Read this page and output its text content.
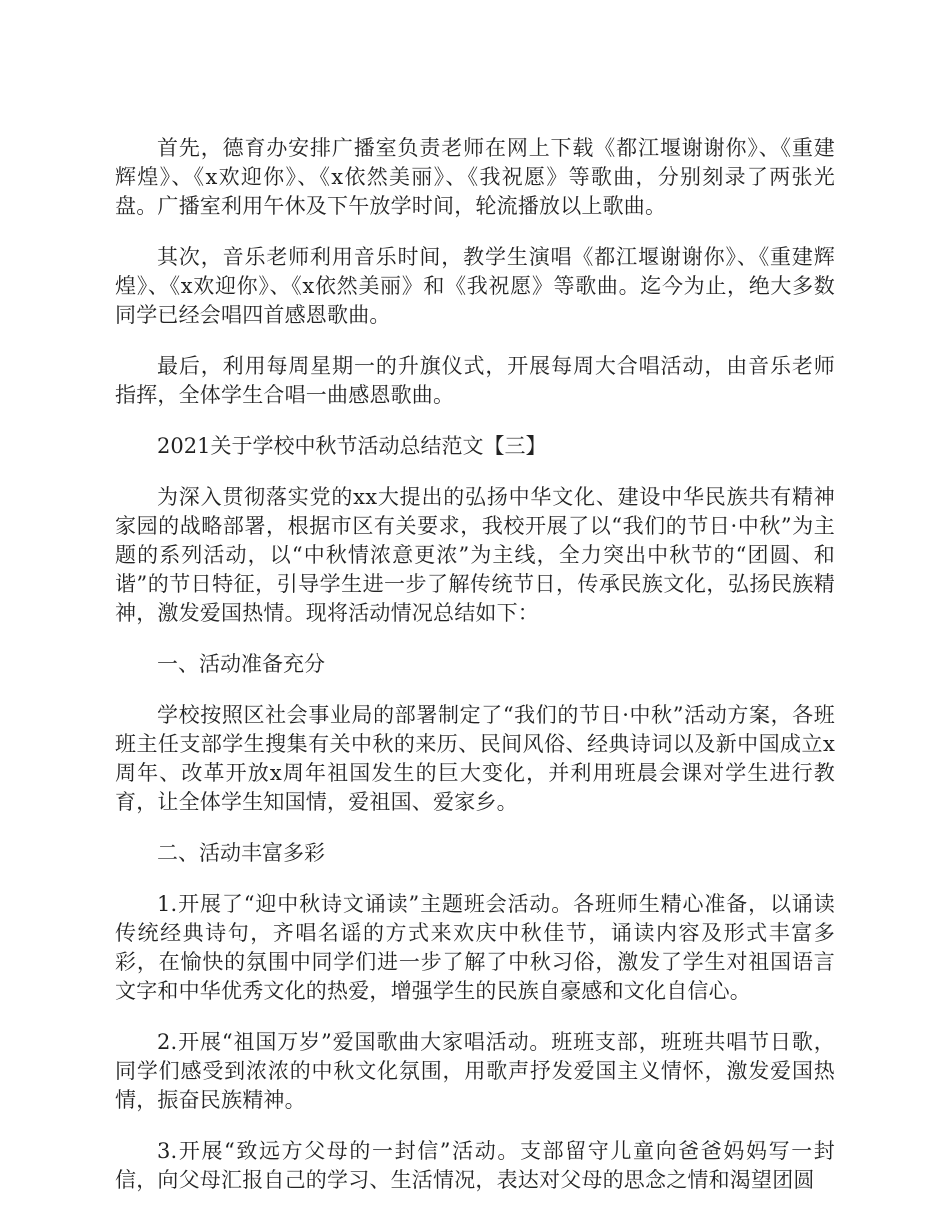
首先，德育办安排广播室负责老师在网上下载《都江堰谢谢你》、《重建辉煌》、《x欢迎你》、《x依然美丽》、《我祝愿》等歌曲，分别刻录了两张光盘。广播室利用午休及下午放学时间，轮流播放以上歌曲。

其次，音乐老师利用音乐时间，教学生演唱《都江堰谢谢你》、《重建辉煌》、《x欢迎你》、《x依然美丽》和《我祝愿》等歌曲。迄今为止，绝大多数同学已经会唱四首感恩歌曲。

最后，利用每周星期一的升旗仪式，开展每周大合唱活动，由音乐老师指挥，全体学生合唱一曲感恩歌曲。

2021关于学校中秋节活动总结范文【三】

为深入贯彻落实党的xx大提出的弘扬中华文化、建设中华民族共有精神家园的战略部署，根据市区有关要求，我校开展了以“我们的节日·中秋”为主题的系列活动，以“中秋情浓意更浓”为主线，全力突出中秋节的“团圆、和谐”的节日特征，引导学生进一步了解传统节日，传承民族文化，弘扬民族精神，激发爱国热情。现将活动情况总结如下：

一、活动准备充分

学校按照区社会事业局的部署制定了“我们的节日·中秋”活动方案，各班班主任支部学生搜集有关中秋的来历、民间风俗、经典诗词以及新中国成立x周年、改革开放x周年祖国发生的巨大变化，并利用班晨会课对学生进行教育，让全体学生知国情，爱祖国、爱家乡。

二、活动丰富多彩

1.开展了“迎中秋诗文诵读”主题班会活动。各班师生精心准备，以诵读传统经典诗句，齐唱名谣的方式来欢庆中秋佳节，诵读内容及形式丰富多彩，在愉快的氛围中同学们进一步了解了中秋习俗，激发了学生对祖国语言文字和中华优秀文化的热爱，增强学生的民族自豪感和文化自信心。

2.开展“祖国万岁”爱国歌曲大家唱活动。班班支部，班班共唱节日歌，同学们感受到浓浓的中秋文化氛围，用歌声抒发爱国主义情怀，激发爱国热情，振奋民族精神。

3.开展“致远方父母的一封信”活动。支部留守儿童向爸爸妈妈写一封信，向父母汇报自己的学习、生活情况，表达对父母的思念之情和渴望团圆
